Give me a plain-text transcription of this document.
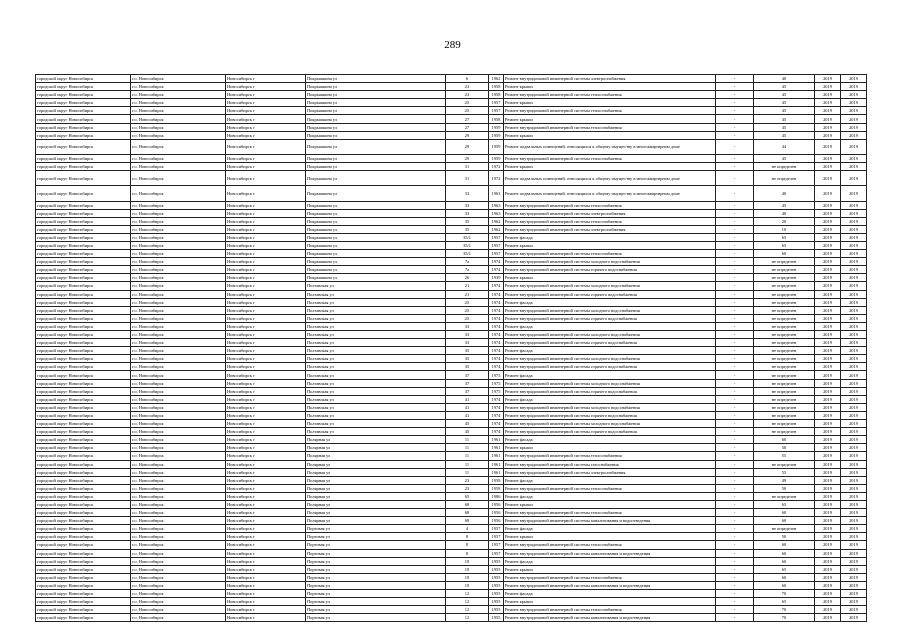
289
городской округ Новосибирск	г.о. Новосибирск	Новосибирск г	Покрышкина ул	6	1962	Ремонт внутридомовой инженерной системы электроснабжения	-	40	2019	2019
городской округ Новосибирск	г.о. Новосибирск	Новосибирск г	Покрышкина ул	23	1958	Ремонт крыши	-	45	2019	2019
городской округ Новосибирск	г.о. Новосибирск	Новосибирск г	Покрышкина ул	23	1958	Ремонт внутридомовой инженерной системы теплоснабжения	-	45	2019	2019
городской округ Новосибирск	г.о. Новосибирск	Новосибирск г	Покрышкина ул	25	1957	Ремонт крыши	-	45	2019	2019
городской округ Новосибирск	г.о. Новосибирск	Новосибирск г	Покрышкина ул	25	1957	Ремонт внутридомовой инженерной системы теплоснабжения	-	45	2019	2019
городской округ Новосибирск	г.о. Новосибирск	Новосибирск г	Покрышкина ул	27	1958	Ремонт крыши	-	45	2019	2019
городской округ Новосибирск	г.о. Новосибирск	Новосибирск г	Покрышкина ул	27	1959	Ремонт внутридомовой инженерной системы теплоснабжения	-	45	2019	2019
городской округ Новосибирск	г.о. Новосибирск	Новосибирск г	Покрышкина ул	29	1959	Ремонт крыши	-	45	2019	2019
городской округ Новосибирск	г.о. Новосибирск	Новосибирск г	Покрышкина ул	29	1959	Ремонт подвальных помещений, относящихся к общему имуществу в многоквартирном доме	-	44	2019	2019
городской округ Новосибирск	г.о. Новосибирск	Новосибирск г	Покрышкина ул	29	1959	Ремонт внутридомовой инженерной системы теплоснабжения	-	45	2019	2019
городской округ Новосибирск	г.о. Новосибирск	Новосибирск г	Покрышкина ул	31	1972	Ремонт крыши	-	не определен	2019	2019
городской округ Новосибирск	г.о. Новосибирск	Новосибирск г	Покрышкина ул	31	1972	Ремонт подвальных помещений, относящихся к общему имуществу в многоквартирном доме	-	не определен	2019	2019
городской округ Новосибирск	г.о. Новосибирск	Новосибирск г	Покрышкина ул	33	1963	Ремонт подвальных помещений, относящихся к общему имуществу в многоквартирном доме	-	40	2019	2019
городской округ Новосибирск	г.о. Новосибирск	Новосибирск г	Покрышкина ул	33	1963	Ремонт внутридомовой инженерной системы теплоснабжения	-	45	2019	2019
городской округ Новосибирск	г.о. Новосибирск	Новосибирск г	Покрышкина ул	33	1963	Ремонт внутридомовой инженерной системы электроснабжения	-	40	2019	2019
городской округ Новосибирск	г.о. Новосибирск	Новосибирск г	Покрышкина ул	35	1962	Ремонт внутридомовой инженерной системы теплоснабжения	-	20	2019	2019
городской округ Новосибирск	г.о. Новосибирск	Новосибирск г	Покрышкина ул	35	1962	Ремонт внутридомовой инженерной системы электроснабжения	-	10	2019	2019
городской округ Новосибирск	г.о. Новосибирск	Новосибирск г	Покрышкина ул	35/1	1957	Ремонт фасада	-	65	2019	2019
городской округ Новосибирск	г.о. Новосибирск	Новосибирск г	Покрышкина ул	35/1	1957	Ремонт крыши	-	65	2019	2019
городской округ Новосибирск	г.о. Новосибирск	Новосибирск г	Покрышкина ул	35/1	1957	Ремонт внутридомовой инженерной системы теплоснабжения	-	60	2019	2019
городской округ Новосибирск	г.о. Новосибирск	Новосибирск г	Покрышкина ул	7а	1974	Ремонт внутридомовой инженерной системы холодного водоснабжения	-	не определен	2019	2019
городской округ Новосибирск	г.о. Новосибирск	Новосибирск г	Покрышкина ул	7а	1974	Ремонт внутридомовой инженерной системы горячего водоснабжения	-	не определен	2019	2019
городской округ Новосибирск	г.о. Новосибирск	Новосибирск г	Покрышкина ул	26	1939	Ремонт крыши	-	не определен	2019	2019
городской округ Новосибирск	г.о. Новосибирск	Новосибирск г	Полтавская ул	21	1974	Ремонт внутридомовой инженерной системы холодного водоснабжения	-	не определен	2019	2019
городской округ Новосибирск	г.о. Новосибирск	Новосибирск г	Полтавская ул	21	1974	Ремонт внутридомовой инженерной системы горячего водоснабжения	-	не определен	2019	2019
городской округ Новосибирск	г.о. Новосибирск	Новосибирск г	Полтавская ул	25	1974	Ремонт фасада	-	не определен	2019	2019
городской округ Новосибирск	г.о. Новосибирск	Новосибирск г	Полтавская ул	25	1974	Ремонт внутридомовой инженерной системы холодного водоснабжения	-	не определен	2019	2019
городской округ Новосибирск	г.о. Новосибирск	Новосибирск г	Полтавская ул	25	1974	Ремонт внутридомовой инженерной системы горячего водоснабжения	-	не определен	2019	2019
городской округ Новосибирск	г.о. Новосибирск	Новосибирск г	Полтавская ул	33	1974	Ремонт фасада	-	не определен	2019	2019
городской округ Новосибирск	г.о. Новосибирск	Новосибирск г	Полтавская ул	33	1974	Ремонт внутридомовой инженерной системы холодного водоснабжения	-	не определен	2019	2019
городской округ Новосибирск	г.о. Новосибирск	Новосибирск г	Полтавская ул	33	1974	Ремонт внутридомовой инженерной системы горячего водоснабжения	-	не определен	2019	2019
городской округ Новосибирск	г.о. Новосибирск	Новосибирск г	Полтавская ул	35	1974	Ремонт фасада	-	не определен	2019	2019
городской округ Новосибирск	г.о. Новосибирск	Новосибирск г	Полтавская ул	35	1974	Ремонт внутридомовой инженерной системы холодного водоснабжения	-	не определен	2019	2019
городской округ Новосибирск	г.о. Новосибирск	Новосибирск г	Полтавская ул	35	1974	Ремонт внутридомовой инженерной системы горячего водоснабжения	-	не определен	2019	2019
городской округ Новосибирск	г.о. Новосибирск	Новосибирск г	Полтавская ул	37	1975	Ремонт фасада	-	не определен	2019	2019
городской округ Новосибирск	г.о. Новосибирск	Новосибирск г	Полтавская ул	37	1975	Ремонт внутридомовой инженерной системы холодного водоснабжения	-	не определен	2019	2019
городской округ Новосибирск	г.о. Новосибирск	Новосибирск г	Полтавская ул	37	1975	Ремонт внутридомовой инженерной системы горячего водоснабжения	-	не определен	2019	2019
городской округ Новосибирск	г.о. Новосибирск	Новосибирск г	Полтавская ул	41	1974	Ремонт фасада	-	не определен	2019	2019
городской округ Новосибирск	г.о. Новосибирск	Новосибирск г	Полтавская ул	41	1974	Ремонт внутридомовой инженерной системы холодного водоснабжения	-	не определен	2019	2019
городской округ Новосибирск	г.о. Новосибирск	Новосибирск г	Полтавская ул	41	1974	Ремонт внутридомовой инженерной системы горячего водоснабжения	-	не определен	2019	2019
городской округ Новосибирск	г.о. Новосибирск	Новосибирск г	Полтавская ул	45	1974	Ремонт внутридомовой инженерной системы холодного водоснабжения	-	не определен	2019	2019
городской округ Новосибирск	г.о. Новосибирск	Новосибирск г	Полтавская ул	45	1974	Ремонт внутридомовой инженерной системы горячего водоснабжения	-	не определен	2019	2019
городской округ Новосибирск	г.о. Новосибирск	Новосибирск г	Полярная ул	11	1961	Ремонт фасада	-	60	2019	2019
городской округ Новосибирск	г.о. Новосибирск	Новосибирск г	Полярная ул	11	1961	Ремонт крыши	-	50	2019	2019
городской округ Новосибирск	г.о. Новосибирск	Новосибирск г	Полярная ул	11	1961	Ремонт внутридомовой инженерной системы теплоснабжения	-	55	2019	2019
городской округ Новосибирск	г.о. Новосибирск	Новосибирск г	Полярная ул	11	1961	Ремонт внутридомовой инженерной системы газоснабжения	-	не определен	2019	2019
городской округ Новосибирск	г.о. Новосибирск	Новосибирск г	Полярная ул	11	1961	Ремонт внутридомовой инженерной системы электроснабжения	-	55	2019	2019
городской округ Новосибирск	г.о. Новосибирск	Новосибирск г	Полярная ул	23	1958	Ремонт фасада	-	49	2019	2019
городской округ Новосибирск	г.о. Новосибирск	Новосибирск г	Полярная ул	23	1958	Ремонт внутридомовой инженерной системы теплоснабжения	-	50	2019	2019
городской округ Новосибирск	г.о. Новосибирск	Новосибирск г	Полярная ул	65	1986	Ремонт фасада	-	не определен	2019	2019
городской округ Новосибирск	г.о. Новосибирск	Новосибирск г	Полярная ул	68	1956	Ремонт крыши	-	65	2019	2019
городской округ Новосибирск	г.о. Новосибирск	Новосибирск г	Полярная ул	68	1956	Ремонт внутридомовой инженерной системы теплоснабжения	-	60	2019	2019
городской округ Новосибирск	г.о. Новосибирск	Новосибирск г	Полярная ул	68	1956	Ремонт внутридомовой инженерной системы канализования и водоотведения	-	60	2019	2019
городской округ Новосибирск	г.о. Новосибирск	Новосибирск г	Портовая ул	4	1957	Ремонт фасада	-	не определен	2019	2019
городской округ Новосибирск	г.о. Новосибирск	Новосибирск г	Портовая ул	8	1957	Ремонт крыши	-	50	2019	2019
городской округ Новосибирск	г.о. Новосибирск	Новосибирск г	Портовая ул	8	1957	Ремонт внутридомовой инженерной системы теплоснабжения	-	60	2019	2019
городской округ Новосибирск	г.о. Новосибирск	Новосибирск г	Портовая ул	8	1957	Ремонт внутридомовой инженерной системы канализования и водоотведения	-	60	2019	2019
городской округ Новосибирск	г.о. Новосибирск	Новосибирск г	Портовая ул	10	1955	Ремонт фасада	-	60	2019	2019
городской округ Новосибирск	г.о. Новосибирск	Новосибирск г	Портовая ул	10	1955	Ремонт крыши	-	65	2019	2019
городской округ Новосибирск	г.о. Новосибирск	Новосибирск г	Портовая ул	10	1955	Ремонт внутридомовой инженерной системы теплоснабжения	-	60	2019	2019
городской округ Новосибирск	г.о. Новосибирск	Новосибирск г	Портовая ул	10	1955	Ремонт внутридомовой инженерной системы канализования и водоотведения	-	60	2019	2019
городской округ Новосибирск	г.о. Новосибирск	Новосибирск г	Портовая ул	12	1955	Ремонт фасада	-	70	2019	2019
городской округ Новосибирск	г.о. Новосибирск	Новосибирск г	Портовая ул	12	1955	Ремонт крыши	-	65	2019	2019
городской округ Новосибирск	г.о. Новосибирск	Новосибирск г	Портовая ул	12	1955	Ремонт внутридомовой инженерной системы теплоснабжения	-	70	2019	2019
городской округ Новосибирск	г.о. Новосибирск	Новосибирск г	Портовая ул	12	1955	Ремонт внутридомовой инженерной системы канализования и водоотведения	-	70	2019	2019
